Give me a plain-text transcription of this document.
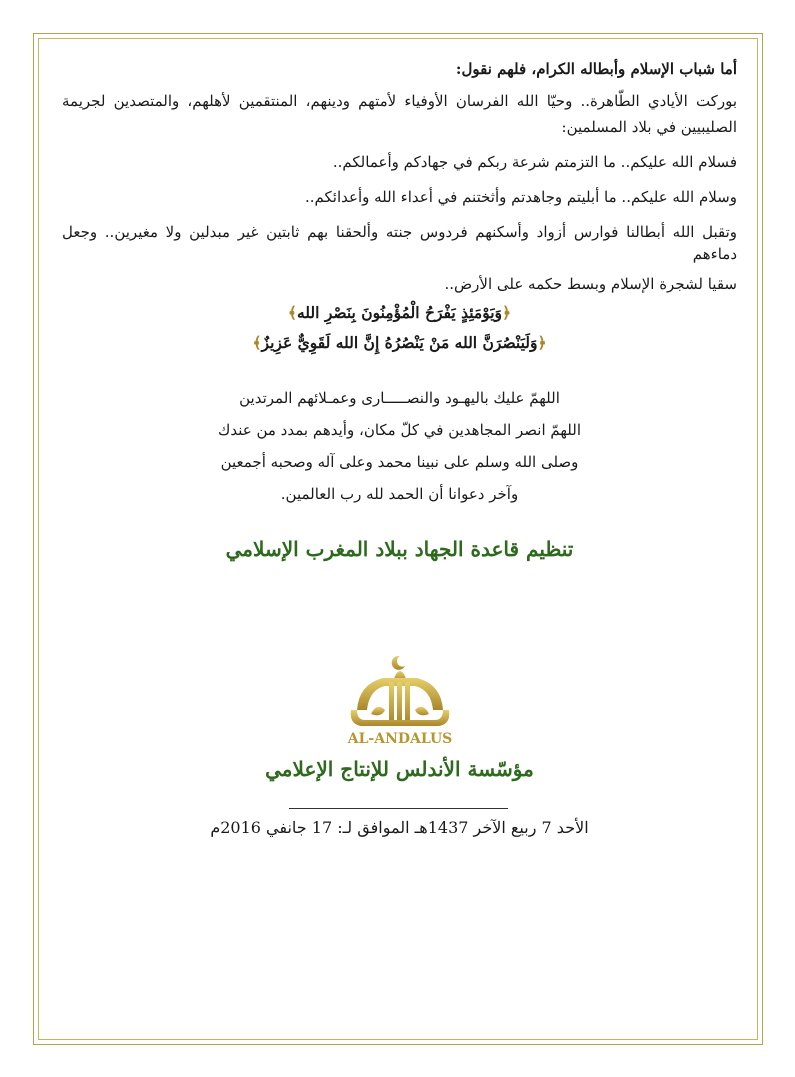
أما شباب الإسلام وأبطاله الكرام، فلهم نقول:

بوركت الأيادي الطّاهرة.. وحيّا الله الفرسان الأوفياء لأمتهم ودينهم، المنتقمين لأهلهم، والمتصدين لجريمة

الصليبيين في بلاد المسلمين:

فسلام الله عليكم.. ما التزمتم شرعة ربكم في جهادكم وأعمالكم..

وسلام الله عليكم.. ما أبليتم وجاهدتم وأثختنم في أعداء الله وأعدائكم..

وتقبل الله أبطالنا فوارس أزواد وأسكنهم فردوس جنته وألحقنا بهم ثابتين غير مبدلين ولا مغيرين.. وجعل دماءهم

سقيا لشجرة الإسلام وبسط حكمه على الأرض..

﴿وَيَوْمَئِذٍ يَفْرَحُ الْمُؤْمِنُونَ بِنَصْرِ الله﴾

﴿وَلَيَنْصُرَنَّ الله مَنْ يَنْصُرُهُ إِنَّ الله لَقَوِيٌّ عَزِيزٌ﴾

اللهمّ عليك باليهـود والنصـــــارى وعمـلائهم المرتدين

اللهمّ انصر المجاهدين في كلّ مكان، وأيدهم بمدد من عندك

وصلى الله وسلم على نبينا محمد وعلى آله وصحبه أجمعين

وآخر دعوانا أن الحمد لله رب العالمين.

تنظيم قاعدة الجهاد ببلاد المغرب الإسلامي

AL-ANDALUS

مؤسّسة الأندلس للإنتاج الإعلامي

الأحد 7 ربيع الآخر 1437هـ الموافق لـ: 17 جانفي 2016م
